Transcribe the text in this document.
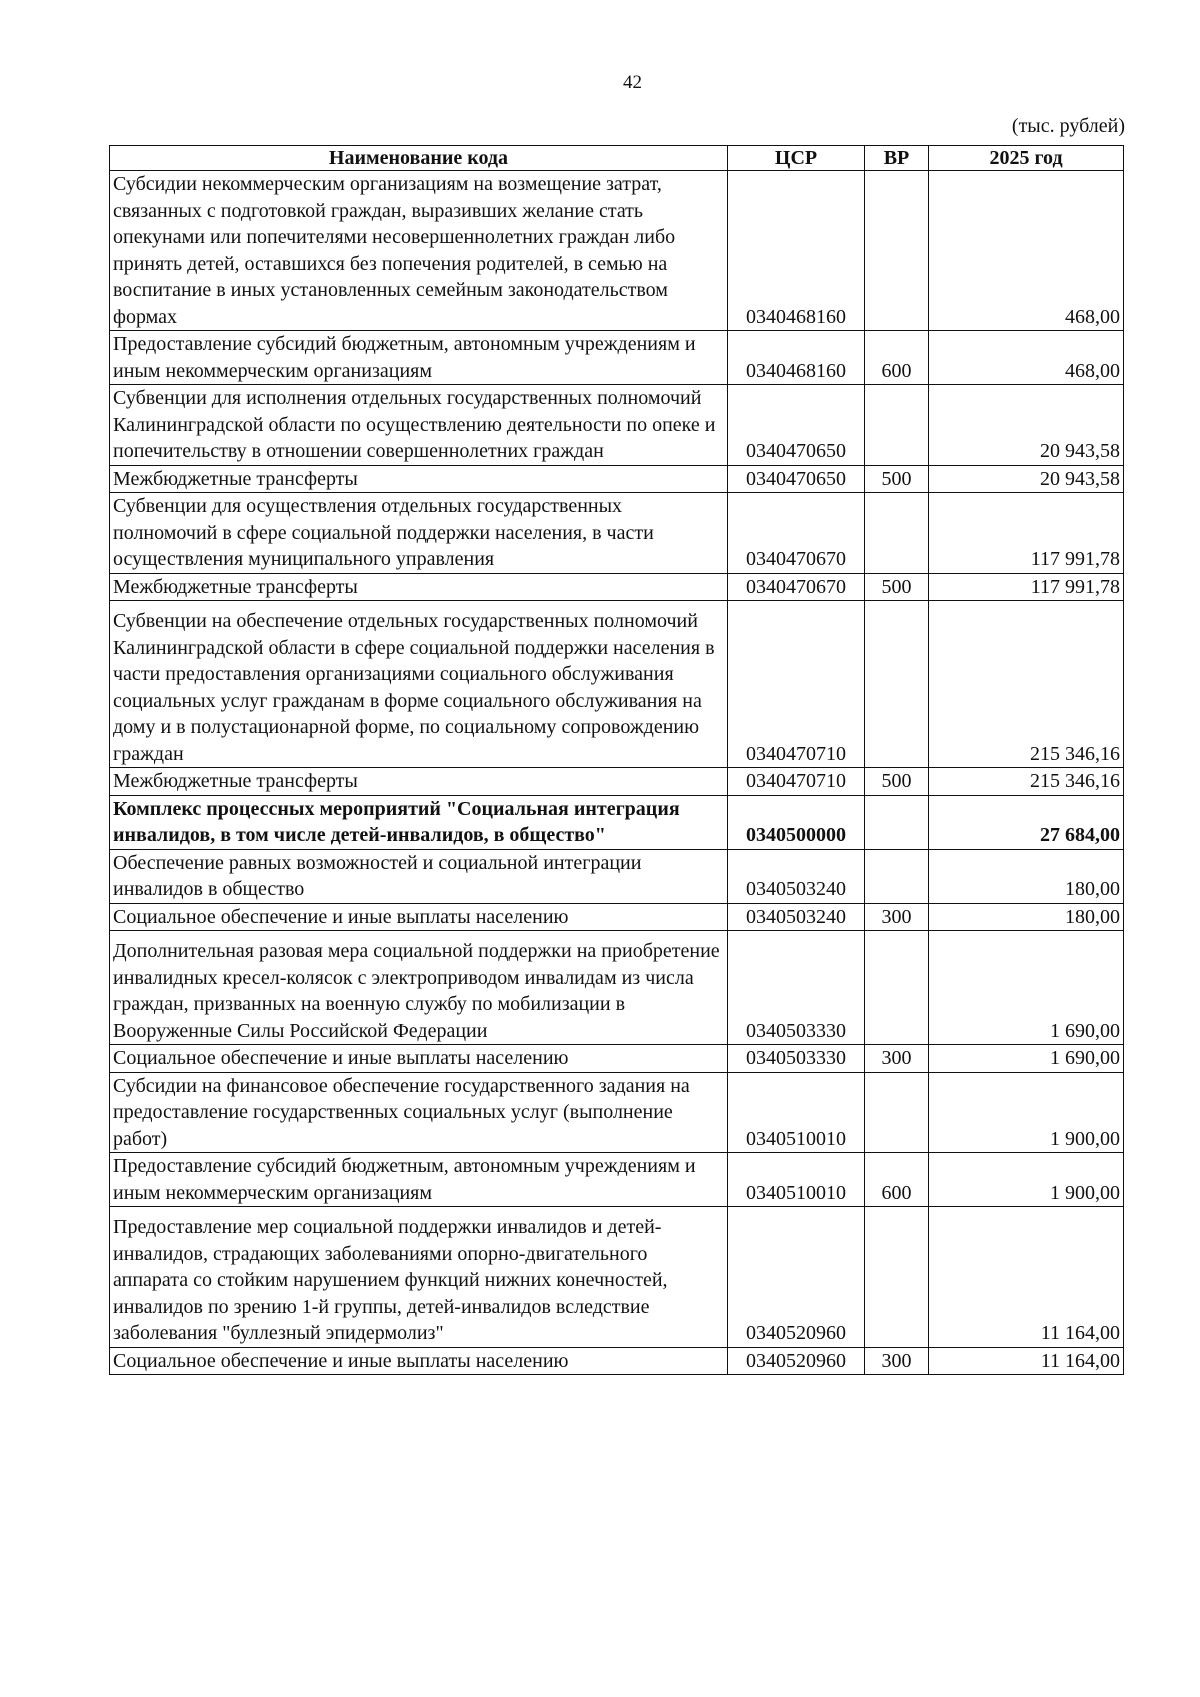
42
(тыс. рублей)
Наименование кода	ЦСР	ВР	2025 год
Субсидии некоммерческим организациям на возмещение затрат, связанных с подготовкой граждан, выразивших желание стать опекунами или попечителями несовершеннолетних граждан либо принять детей, оставшихся без попечения родителей, в семью на воспитание в иных установленных семейным законодательством формах	0340468160		468,00
Предоставление субсидий бюджетным, автономным учреждениям и иным некоммерческим организациям	0340468160	600	468,00
Субвенции для исполнения отдельных государственных полномочий Калининградской области по осуществлению деятельности по опеке и попечительству в отношении совершеннолетних граждан	0340470650		20 943,58
Межбюджетные трансферты	0340470650	500	20 943,58
Субвенции для осуществления отдельных государственных полномочий в сфере социальной поддержки населения, в части осуществления муниципального управления	0340470670		117 991,78
Межбюджетные трансферты	0340470670	500	117 991,78
Субвенции на обеспечение отдельных государственных полномочий Калининградской области в сфере социальной поддержки населения в части предоставления организациями социального обслуживания социальных услуг гражданам в форме социального обслуживания на дому и в полустационарной форме, по социальному сопровождению граждан	0340470710		215 346,16
Межбюджетные трансферты	0340470710	500	215 346,16
Комплекс процессных мероприятий "Социальная интеграция инвалидов, в том числе детей-инвалидов, в общество"	0340500000		27 684,00
Обеспечение равных возможностей и социальной интеграции инвалидов в общество	0340503240		180,00
Социальное обеспечение и иные выплаты населению	0340503240	300	180,00
Дополнительная разовая мера социальной поддержки на приобретение инвалидных кресел-колясок с электроприводом инвалидам из числа граждан, призванных на военную службу по мобилизации в Вооруженные Силы Российской Федерации	0340503330		1 690,00
Социальное обеспечение и иные выплаты населению	0340503330	300	1 690,00
Субсидии на финансовое обеспечение государственного задания на предоставление государственных социальных услуг (выполнение работ)	0340510010		1 900,00
Предоставление субсидий бюджетным, автономным учреждениям и иным некоммерческим организациям	0340510010	600	1 900,00
Предоставление мер социальной поддержки инвалидов и детей-инвалидов, страдающих заболеваниями опорно-двигательного аппарата со стойким нарушением функций нижних конечностей, инвалидов по зрению 1-й группы, детей-инвалидов вследствие заболевания "буллезный эпидермолиз"	0340520960		11 164,00
Социальное обеспечение и иные выплаты населению	0340520960	300	11 164,00
